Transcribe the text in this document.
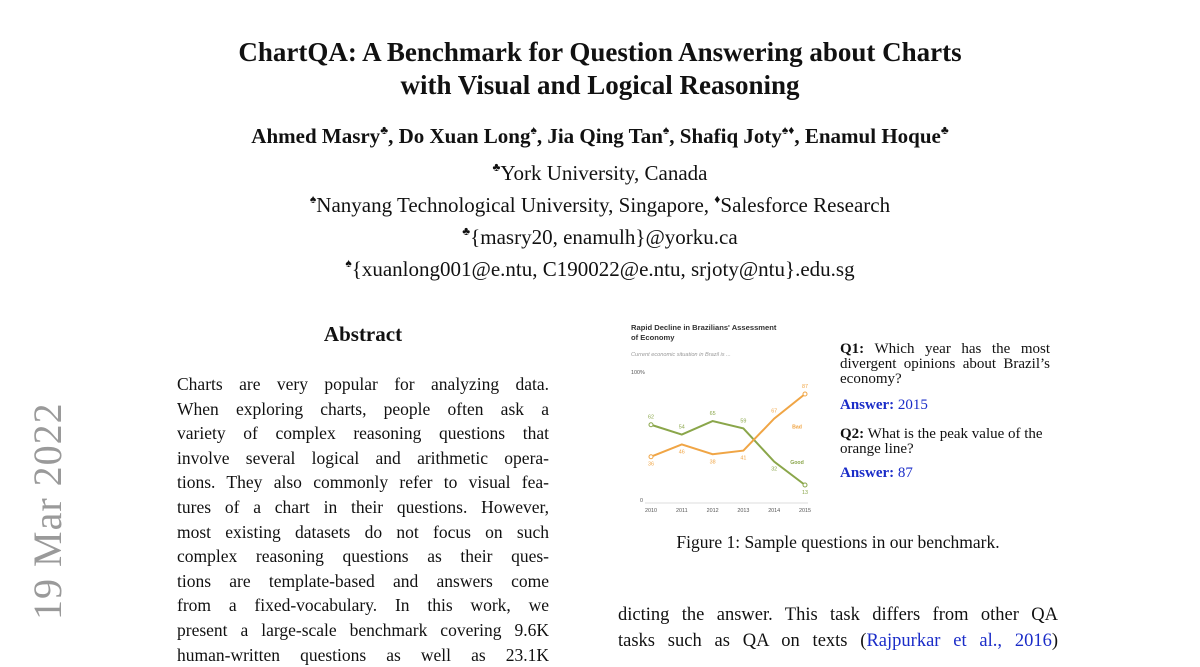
ChartQA: A Benchmark for Question Answering about Charts
with Visual and Logical Reasoning
Ahmed Masry♣, Do Xuan Long♠, Jia Qing Tan♠, Shafiq Joty♠♦, Enamul Hoque♣
♣York University, Canada
♠Nanyang Technological University, Singapore, ♦Salesforce Research
♣{masry20, enamulh}@yorku.ca
♠{xuanlong001@e.ntu, C190022@e.ntu, srjoty@ntu}.edu.sg
19 Mar 2022
Abstract
Charts are very popular for analyzing data.
When exploring charts, people often ask a
variety of complex reasoning questions that
involve several logical and arithmetic opera-
tions. They also commonly refer to visual fea-
tures of a chart in their questions. However,
most existing datasets do not focus on such
complex reasoning questions as their ques-
tions are template-based and answers come
from a fixed-vocabulary. In this work, we
present a large-scale benchmark covering 9.6K
human-written questions as well as 23.1K
Rapid Decline in Brazilians' Assessment
of Economy
Current economic situation in Brazil is ...
100%
0
2010	2011	2012	2013	2014	2015
62
54
65
59
32
13
Good
36
46
38
41
67
87
Bad
Q1: Which year has the most divergent opinions about Brazil’s economy?
Answer: 2015
Q2: What is the peak value of the orange line?
Answer: 87
Figure 1: Sample questions in our benchmark.
dicting the answer. This task differs from other QA
tasks such as QA on texts (Rajpurkar et al., 2016)
